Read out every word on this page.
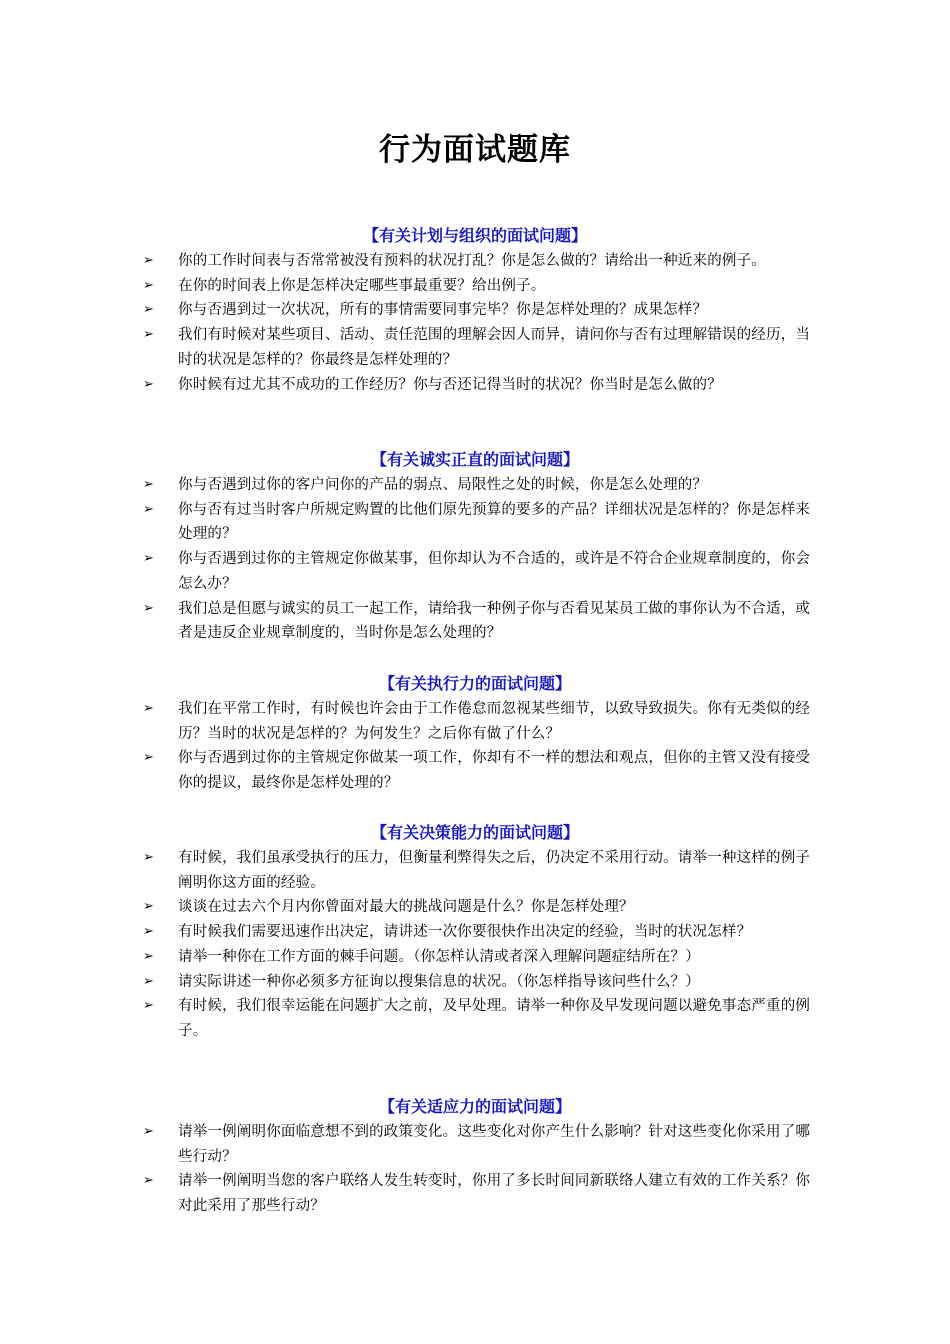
行为面试题库
【有关计划与组织的面试问题】
➢ 你的工作时间表与否常常被没有预料的状况打乱？你是怎么做的？请给出一种近来的例子。
➢ 在你的时间表上你是怎样决定哪些事最重要？给出例子。
➢ 你与否遇到过一次状况，所有的事情需要同事完毕？你是怎样处理的？成果怎样？
➢ 我们有时候对某些项目、活动、责任范围的理解会因人而异，请问你与否有过理解错误的经历，当时的状况是怎样的？你最终是怎样处理的？
➢ 你时候有过尤其不成功的工作经历？你与否还记得当时的状况？你当时是怎么做的？
【有关诚实正直的面试问题】
➢ 你与否遇到过你的客户问你的产品的弱点、局限性之处的时候，你是怎么处理的？
➢ 你与否有过当时客户所规定购置的比他们原先预算的要多的产品？详细状况是怎样的？你是怎样来处理的？
➢ 你与否遇到过你的主管规定你做某事，但你却认为不合适的，或许是不符合企业规章制度的，你会怎么办？
➢ 我们总是但愿与诚实的员工一起工作，请给我一种例子你与否看见某员工做的事你认为不合适，或者是违反企业规章制度的，当时你是怎么处理的？
【有关执行力的面试问题】
➢ 我们在平常工作时，有时候也许会由于工作倦怠而忽视某些细节，以致导致损失。你有无类似的经历？当时的状况是怎样的？为何发生？之后你有做了什么？
➢ 你与否遇到过你的主管规定你做某一项工作，你却有不一样的想法和观点，但你的主管又没有接受你的提议，最终你是怎样处理的？
【有关决策能力的面试问题】
➢ 有时候，我们虽承受执行的压力，但衡量利弊得失之后，仍决定不采用行动。请举一种这样的例子阐明你这方面的经验。
➢ 谈谈在过去六个月内你曾面对最大的挑战问题是什么？你是怎样处理？
➢ 有时候我们需要迅速作出决定，请讲述一次你要很快作出决定的经验，当时的状况怎样？
➢ 请举一种你在工作方面的棘手问题。（你怎样认清或者深入理解问题症结所在？）
➢ 请实际讲述一种你必须多方征询以搜集信息的状况。（你怎样指导该问些什么？）
➢ 有时候，我们很幸运能在问题扩大之前，及早处理。请举一种你及早发现问题以避免事态严重的例子。
【有关适应力的面试问题】
➢ 请举一例阐明你面临意想不到的政策变化。这些变化对你产生什么影响？针对这些变化你采用了哪些行动？
➢ 请举一例阐明当您的客户联络人发生转变时，你用了多长时间同新联络人建立有效的工作关系？你对此采用了那些行动？
